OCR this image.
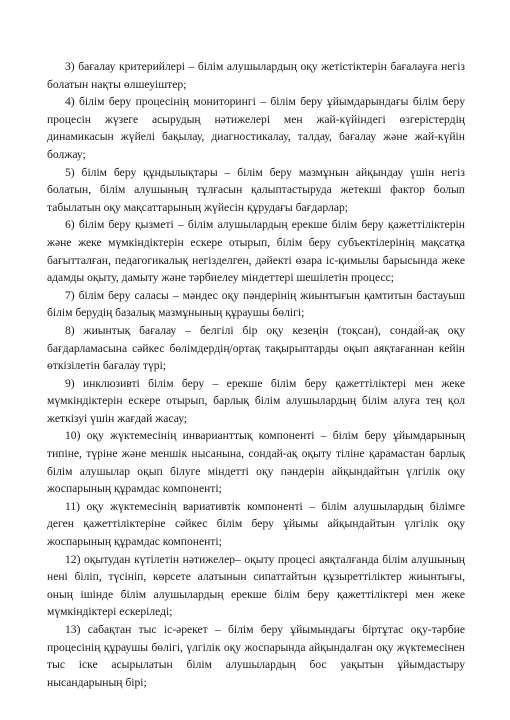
3) бағалау критерийлері – білім алушылардың оқу жетістіктерін бағалауға негіз болатын нақты өлшеуіштер;

4) білім беру процесінің мониторингі – білім беру ұйымдарындағы білім беру процесін жүзеге асырудың нәтижелері мен жай-күйіндегі өзгерістердің динамикасын жүйелі бақылау, диагностикалау, талдау, бағалау және жай-күйін болжау;

5) білім беру құндылықтары – білім беру мазмұнын айқындау үшін негіз болатын, білім алушының тұлғасын қалыптастыруда жетекші фактор болып табылатын оқу мақсаттарының жүйесін құрудағы бағдарлар;

6) білім беру қызметі – білім алушылардың ерекше білім беру қажеттіліктерін және жеке мүмкіндіктерін ескере отырып, білім беру субъектілерінің мақсатқа бағытталған, педагогикалық негізделген, дәйекті өзара іс-қимылы барысында жеке адамды оқыту, дамыту және тәрбиелеу міндеттері шешілетін процесс;

7) білім беру саласы – мәндес оқу пәндерінің жиынтығын қамтитын бастауыш білім берудің базалық мазмұнының құраушы бөлігі;

8) жиынтық бағалау – белгілі бір оқу кезеңін (тоқсан), сондай-ақ оқу бағдарламасына сәйкес бөлімдердің/ортақ тақырыптарды оқып аяқтағаннан кейін өткізілетін бағалау түрі;

9) инклюзивті білім беру – ерекше білім беру қажеттіліктері мен жеке мүмкіндіктерін ескере отырып, барлық білім алушылардың білім алуға тең қол жеткізуі үшін жағдай жасау;

10) оқу жүктемесінің инварианттық компоненті – білім беру ұйымдарының типіне, түріне және меншік нысанына, сондай-ақ оқыту тіліне қарамастан барлық білім алушылар оқып білуге міндетті оқу пәндерін айқындайтын үлгілік оқу жоспарының құрамдас компоненті;

11) оқу жүктемесінің вариативтік компоненті – білім алушылардың білімге деген қажеттіліктеріне сәйкес білім беру ұйымы айқындайтын үлгілік оқу жоспарының құрамдас компоненті;

12) оқытудан күтілетін нәтижелер– оқыту процесі аяқталғанда білім алушының нені біліп, түсініп, көрсете алатынын сипаттайтын құзыреттіліктер жиынтығы, оның ішінде білім алушылардың ерекше білім беру қажеттіліктері мен жеке мүмкіндіктері ескеріледі;

13) сабақтан тыс іс-әрекет – білім беру ұйымындағы біртұтас оқу-тәрбие процесінің құраушы бөлігі, үлгілік оқу жоспарында айқындалған оқу жүктемесінен тыс іске асырылатын білім алушылардың бос уақытын ұйымдастыру нысандарының бірі;
